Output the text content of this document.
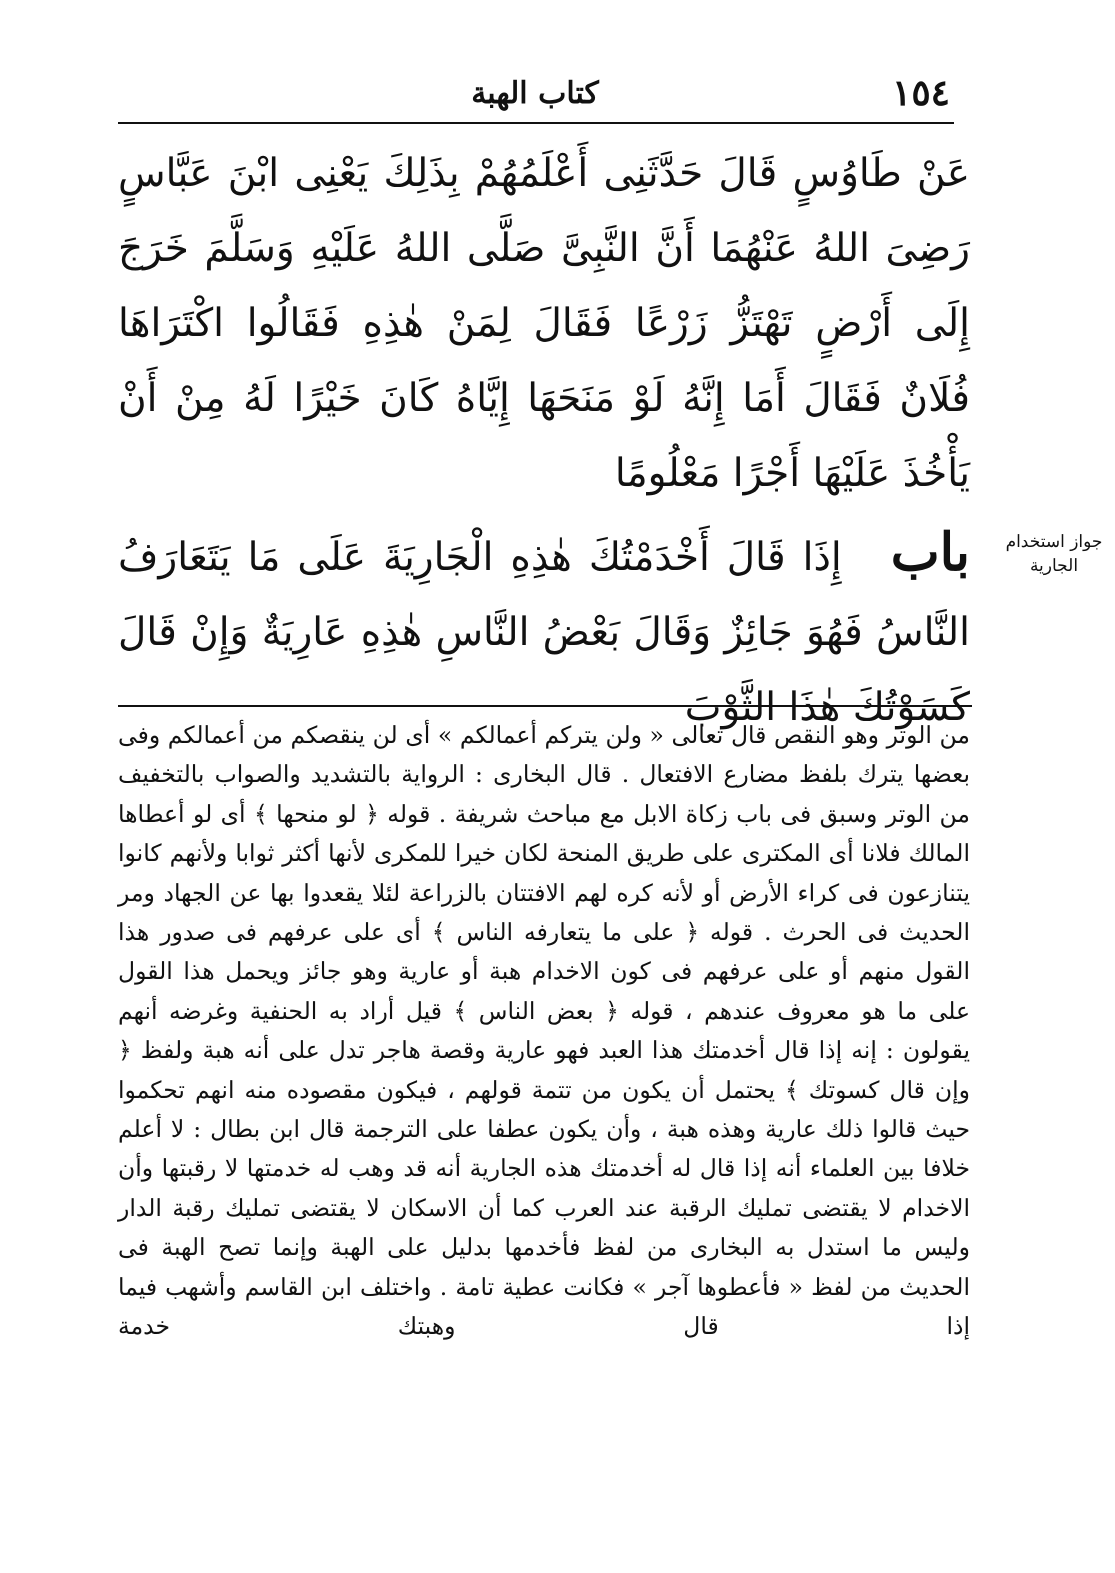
١٥٤
كتاب الهبة

عَنْ طَاوُسٍ قَالَ حَدَّثَنِى أَعْلَمُهُمْ بِذَلِكَ يَعْنِى ابْنَ عَبَّاسٍ رَضِىَ اللهُ عَنْهُمَا أَنَّ النَّبِىَّ صَلَّى اللهُ عَلَيْهِ وَسَلَّمَ خَرَجَ إِلَى أَرْضٍ تَهْتَزُّ زَرْعًا فَقَالَ لِمَنْ هٰذِهِ فَقَالُوا اكْتَرَاهَا فُلَانٌ فَقَالَ أَمَا إِنَّهُ لَوْ مَنَحَهَا إِيَّاهُ كَانَ خَيْرًا لَهُ مِنْ أَنْ يَأْخُذَ عَلَيْهَا أَجْرًا مَعْلُومًا

باب إِذَا قَالَ أَخْدَمْتُكَ هٰذِهِ الْجَارِيَةَ عَلَى مَا يَتَعَارَفُ النَّاسُ فَهُوَ جَائِزٌ وَقَالَ بَعْضُ النَّاسِ هٰذِهِ عَارِيَةٌ وَإِنْ قَالَ كَسَوْتُكَ هٰذَا الثَّوْبَ

جواز استخدام
الجارية

من الوتر وهو النقص قال تعالى « ولن يتركم أعمالكم » أى لن ينقصكم من أعمالكم وفى بعضها يترك بلفظ مضارع الافتعال . قال البخارى : الرواية بالتشديد والصواب بالتخفيف من الوتر وسبق فى باب زكاة الابل مع مباحث شريفة . قوله ﴿ لو منحها ﴾ أى لو أعطاها المالك فلانا أى المكترى على طريق المنحة لكان خيرا للمكرى لأنها أكثر ثوابا ولأنهم كانوا يتنازعون فى كراء الأرض أو لأنه كره لهم الافتتان بالزراعة لئلا يقعدوا بها عن الجهاد ومر الحديث فى الحرث . قوله ﴿ على ما يتعارفه الناس ﴾ أى على عرفهم فى صدور هذا القول منهم أو على عرفهم فى كون الاخدام هبة أو عارية وهو جائز ويحمل هذا القول على ما هو معروف عندهم ، قوله ﴿ بعض الناس ﴾ قيل أراد به الحنفية وغرضه أنهم يقولون : إنه إذا قال أخدمتك هذا العبد فهو عارية وقصة هاجر تدل على أنه هبة ولفظ ﴿ وإن قال كسوتك ﴾ يحتمل أن يكون من تتمة قولهم ، فيكون مقصوده منه انهم تحكموا حيث قالوا ذلك عارية وهذه هبة ، وأن يكون عطفا على الترجمة قال ابن بطال : لا أعلم خلافا بين العلماء أنه إذا قال له أخدمتك هذه الجارية أنه قد وهب له خدمتها لا رقبتها وأن الاخدام لا يقتضى تمليك الرقبة عند العرب كما أن الاسكان لا يقتضى تمليك رقبة الدار وليس ما استدل به البخارى من لفظ فأخدمها بدليل على الهبة وإنما تصح الهبة فى الحديث من لفظ « فأعطوها آجر » فكانت عطية تامة . واختلف ابن القاسم وأشهب فيما إذا قال وهبتك خدمة
